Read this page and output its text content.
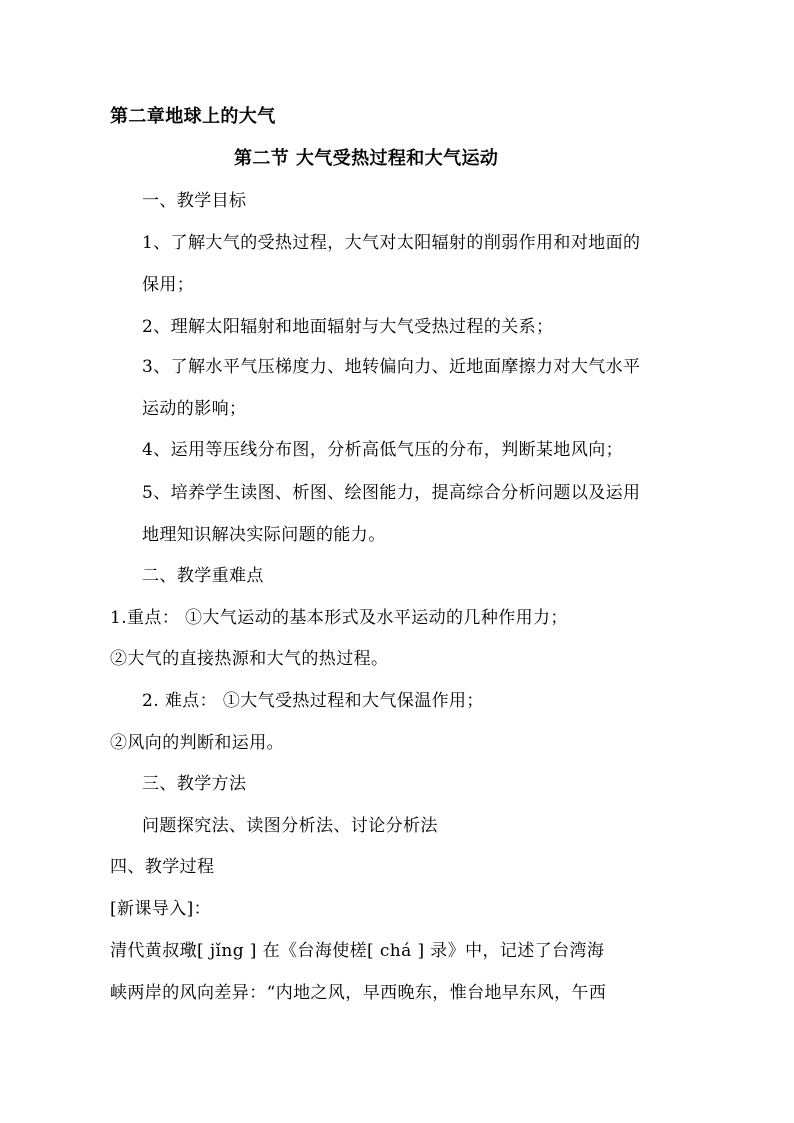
第二章地球上的大气
第二节 大气受热过程和大气运动
一、教学目标
1、了解大气的受热过程，大气对太阳辐射的削弱作用和对地面的
保用；
2、理解太阳辐射和地面辐射与大气受热过程的关系；
3、了解水平气压梯度力、地转偏向力、近地面摩擦力对大气水平
运动的影响；
4、运用等压线分布图，分析高低气压的分布，判断某地风向；
5、培养学生读图、析图、绘图能力，提高综合分析问题以及运用
地理知识解决实际问题的能力。
二、教学重难点
1.重点： ①大气运动的基本形式及水平运动的几种作用力；
②大气的直接热源和大气的热过程。
2. 难点： ①大气受热过程和大气保温作用；
②风向的判断和运用。
三、教学方法
问题探究法、读图分析法、讨论分析法
四、教学过程
[新课导入]：
清代黄叔璥[ jǐng ] 在《台海使槎[ chá ] 录》中，记述了台湾海
峡两岸的风向差异：“内地之风，早西晚东，惟台地早东风，午西
